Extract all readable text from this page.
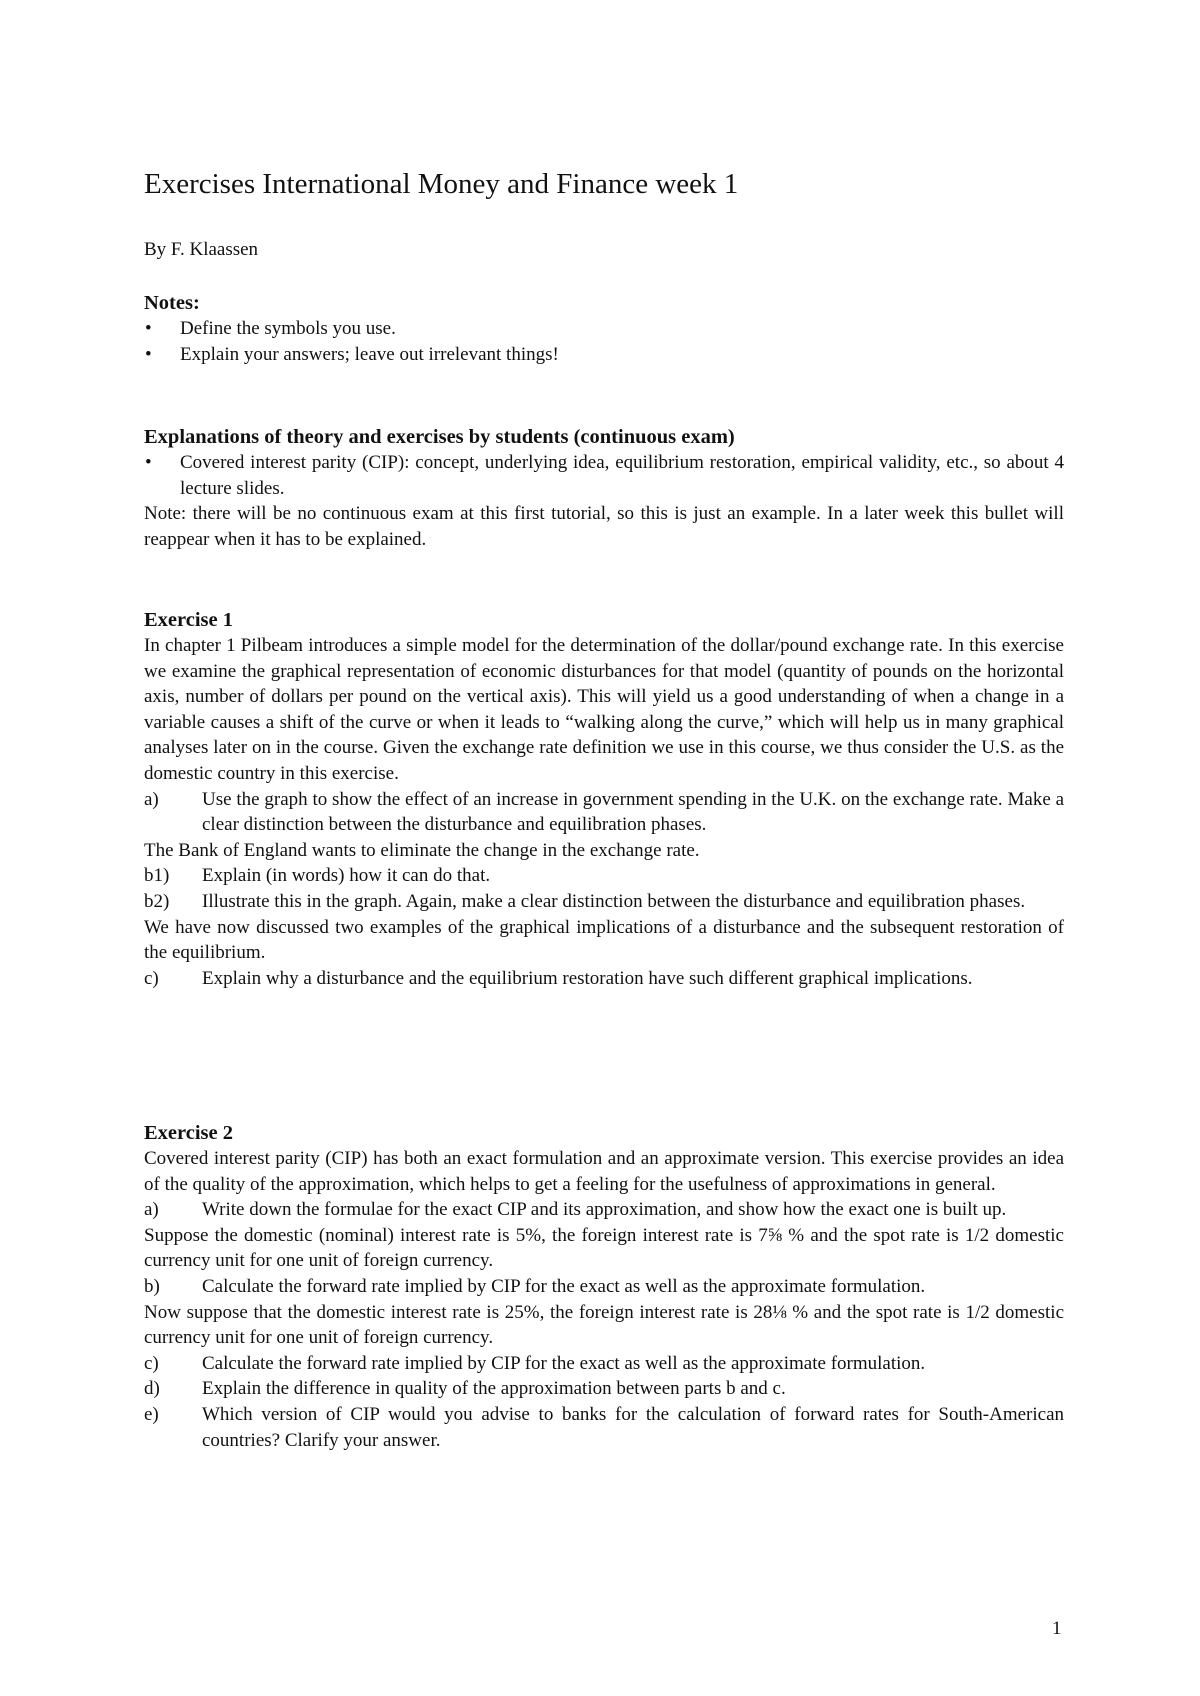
Exercises International Money and Finance week 1

By F. Klaassen

Notes:
•	Define the symbols you use.
•	Explain your answers; leave out irrelevant things!
Explanations of theory and exercises by students (continuous exam)
•	Covered interest parity (CIP): concept, underlying idea, equilibrium restoration, empirical validity, etc., so about 4 lecture slides.

Note: there will be no continuous exam at this first tutorial, so this is just an example. In a later week this bullet will reappear when it has to be explained.

Exercise 1

In chapter 1 Pilbeam introduces a simple model for the determination of the dollar/pound exchange rate. In this exercise we examine the graphical representation of economic disturbances for that model (quantity of pounds on the horizontal axis, number of dollars per pound on the vertical axis). This will yield us a good understanding of when a change in a variable causes a shift of the curve or when it leads to “walking along the curve,” which will help us in many graphical analyses later on in the course. Given the exchange rate definition we use in this course, we thus consider the U.S. as the domestic country in this exercise.

a) Use the graph to show the effect of an increase in government spending in the U.K. on the exchange rate. Make a clear distinction between the disturbance and equilibration phases.

The Bank of England wants to eliminate the change in the exchange rate.

b1) Explain (in words) how it can do that.
b2) Illustrate this in the graph. Again, make a clear distinction between the disturbance and equilibration phases.

We have now discussed two examples of the graphical implications of a disturbance and the subsequent restoration of the equilibrium.

c) Explain why a disturbance and the equilibrium restoration have such different graphical implications.
Exercise 2

Covered interest parity (CIP) has both an exact formulation and an approximate version. This exercise provides an idea of the quality of the approximation, which helps to get a feeling for the usefulness of approximations in general.

a) Write down the formulae for the exact CIP and its approximation, and show how the exact one is built up.

Suppose the domestic (nominal) interest rate is 5%, the foreign interest rate is 7⅝ % and the spot rate is 1/2 domestic currency unit for one unit of foreign currency.

b) Calculate the forward rate implied by CIP for the exact as well as the approximate formulation.

Now suppose that the domestic interest rate is 25%, the foreign interest rate is 28⅛ % and the spot rate is 1/2 domestic currency unit for one unit of foreign currency.

c) Calculate the forward rate implied by CIP for the exact as well as the approximate formulation.
d) Explain the difference in quality of the approximation between parts b and c.
e) Which version of CIP would you advise to banks for the calculation of forward rates for South-American countries? Clarify your answer.
1
